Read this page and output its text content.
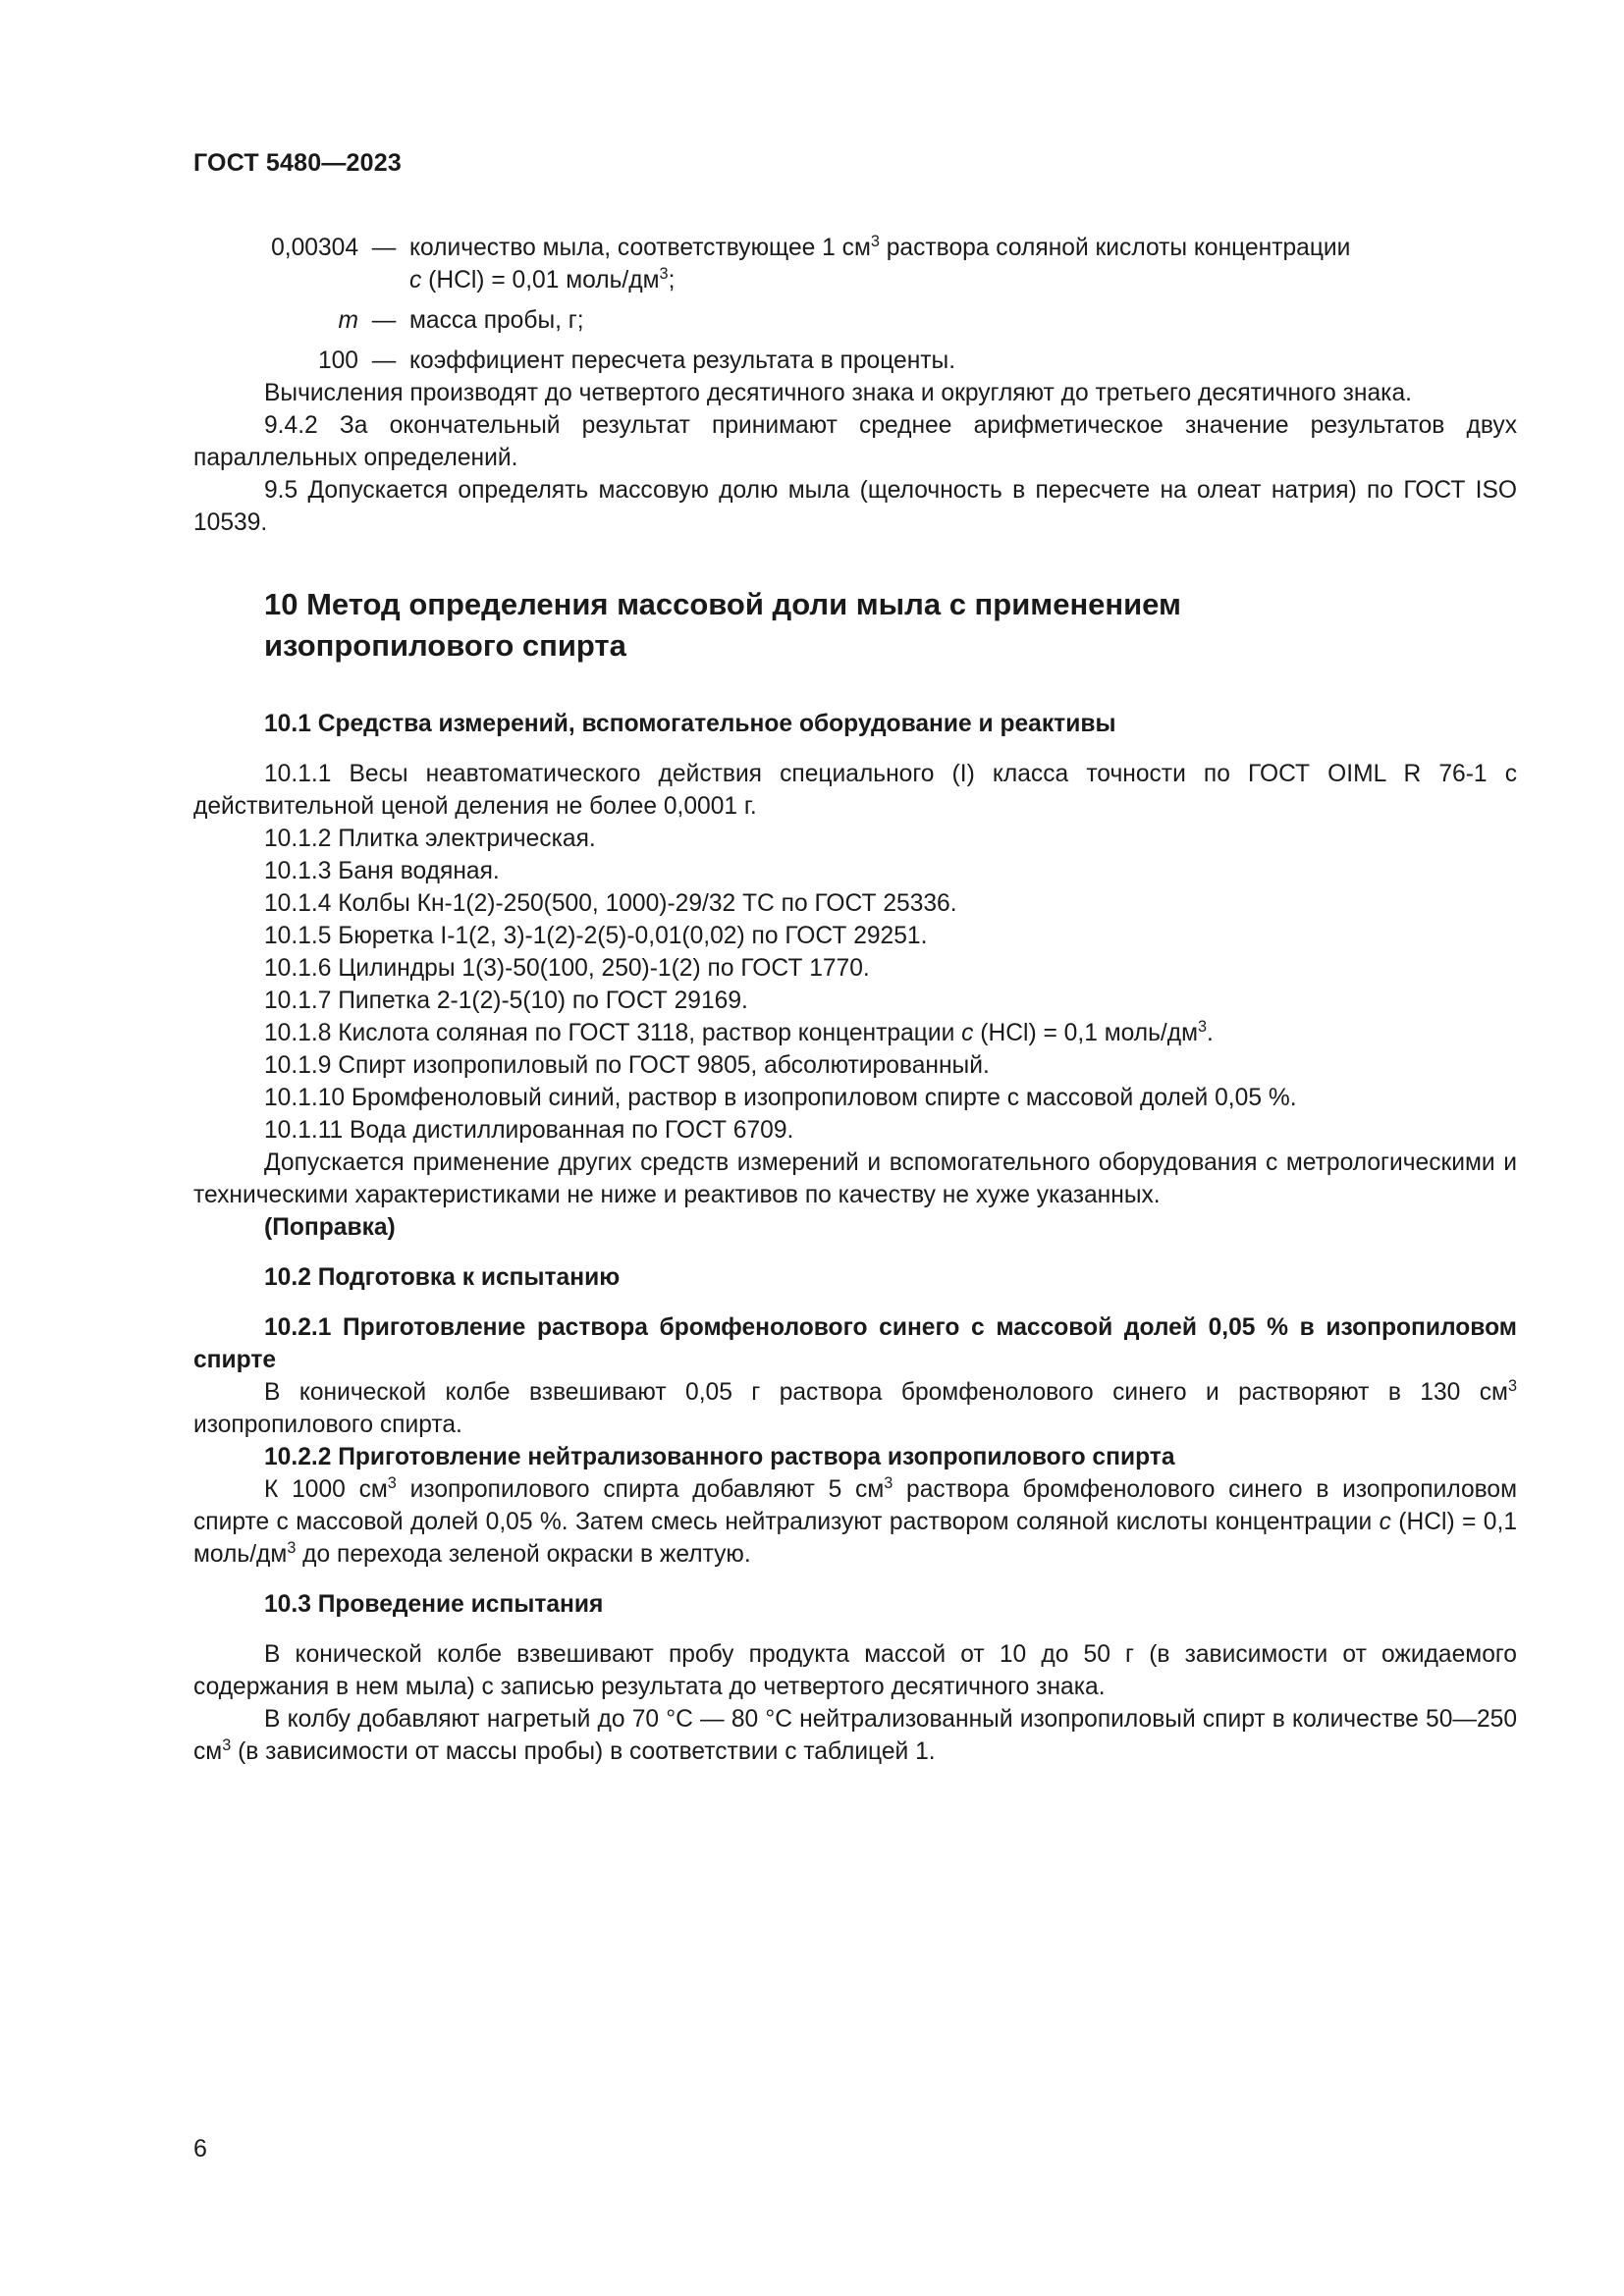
ГОСТ 5480—2023
0,00304 — количество мыла, соответствующее 1 $см^3$ раствора соляной кислоты концентрации
c (HCl) = 0,01 моль/$дм^3$;
m — масса пробы, г;
100 — коэффициент пересчета результата в проценты.

Вычисления производят до четвертого десятичного знака и округляют до третьего десятичного знака.

9.4.2 За окончательный результат принимают среднее арифметическое значение результатов двух параллельных определений.

9.5 Допускается определять массовую долю мыла (щелочность в пересчете на олеат натрия) по ГОСТ ISO 10539.

10 Метод определения массовой доли мыла с применением изопропилового спирта

10.1 Средства измерений, вспомогательное оборудование и реактивы

10.1.1 Весы неавтоматического действия специального (I) класса точности по ГОСТ OIML R 76-1 с действительной ценой деления не более 0,0001 г.

10.1.2 Плитка электрическая.

10.1.3 Баня водяная.

10.1.4 Колбы Кн-1(2)-250(500, 1000)-29/32 ТС по ГОСТ 25336.

10.1.5 Бюретка I-1(2, 3)-1(2)-2(5)-0,01(0,02) по ГОСТ 29251.

10.1.6 Цилиндры 1(3)-50(100, 250)-1(2) по ГОСТ 1770.

10.1.7 Пипетка 2-1(2)-5(10) по ГОСТ 29169.

10.1.8 Кислота соляная по ГОСТ 3118, раствор концентрации c (HCl) = 0,1 моль/$дм^3$.

10.1.9 Спирт изопропиловый по ГОСТ 9805, абсолютированный.

10.1.10 Бромфеноловый синий, раствор в изопропиловом спирте с массовой долей 0,05 %.

10.1.11 Вода дистиллированная по ГОСТ 6709.

Допускается применение других средств измерений и вспомогательного оборудования с метрологическими и техническими характеристиками не ниже и реактивов по качеству не хуже указанных.

(Поправка)

10.2 Подготовка к испытанию

10.2.1 Приготовление раствора бромфенолового синего с массовой долей 0,05 % в изопропиловом спирте

В конической колбе взвешивают 0,05 г раствора бромфенолового синего и растворяют в 130 $см^3$ изопропилового спирта.

10.2.2 Приготовление нейтрализованного раствора изопропилового спирта

К 1000 $см^3$ изопропилового спирта добавляют 5 $см^3$ раствора бромфенолового синего в изопропиловом спирте с массовой долей 0,05 %. Затем смесь нейтрализуют раствором соляной кислоты концентрации c (HCl) = 0,1 моль/$дм^3$ до перехода зеленой окраски в желтую.

10.3 Проведение испытания

В конической колбе взвешивают пробу продукта массой от 10 до 50 г (в зависимости от ожидаемого содержания в нем мыла) с записью результата до четвертого десятичного знака.

В колбу добавляют нагретый до 70 °С — 80 °С нейтрализованный изопропиловый спирт в количестве 50—250 $см^3$ (в зависимости от массы пробы) в соответствии с таблицей 1.

6
